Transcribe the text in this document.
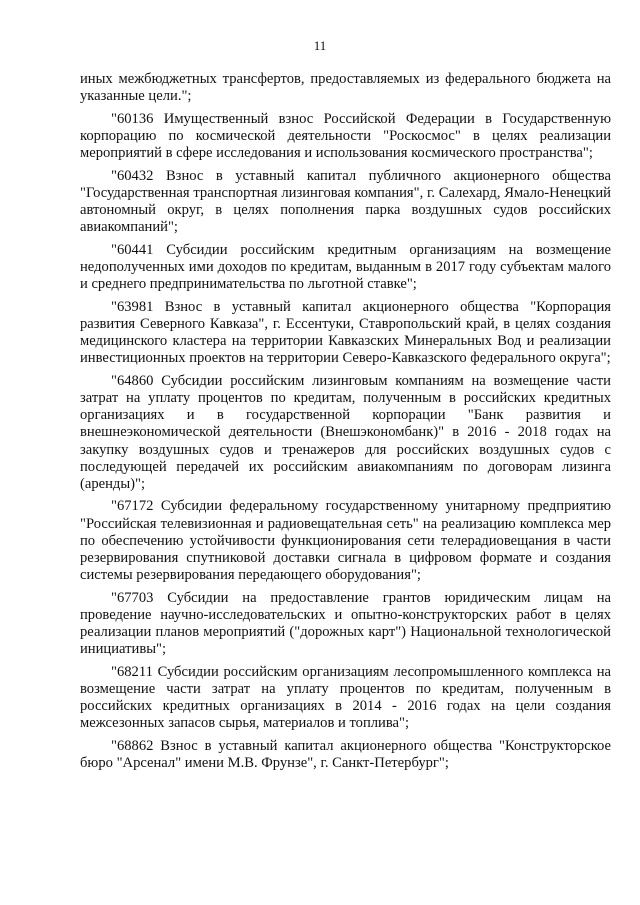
11

иных межбюджетных трансфертов, предоставляемых из федерального бюджета на указанные цели.";

"60136 Имущественный взнос Российской Федерации в Государственную корпорацию по космической деятельности "Роскосмос" в целях реализации мероприятий в сфере исследования и использования космического пространства";

"60432 Взнос в уставный капитал публичного акционерного общества "Государственная транспортная лизинговая компания", г. Салехард, Ямало-Ненецкий автономный округ, в целях пополнения парка воздушных судов российских авиакомпаний";

"60441 Субсидии российским кредитным организациям на возмещение недополученных ими доходов по кредитам, выданным в 2017 году субъектам малого и среднего предпринимательства по льготной ставке";

"63981 Взнос в уставный капитал акционерного общества "Корпорация развития Северного Кавказа", г. Ессентуки, Ставропольский край, в целях создания медицинского кластера на территории Кавказских Минеральных Вод и реализации инвестиционных проектов на территории Северо-Кавказского федерального округа";

"64860 Субсидии российским лизинговым компаниям на возмещение части затрат на уплату процентов по кредитам, полученным в российских кредитных организациях и в государственной корпорации "Банк развития и внешнеэкономической деятельности (Внешэкономбанк)" в 2016 - 2018 годах на закупку воздушных судов и тренажеров для российских воздушных судов с последующей передачей их российским авиакомпаниям по договорам лизинга (аренды)";

"67172 Субсидии федеральному государственному унитарному предприятию "Российская телевизионная и радиовещательная сеть" на реализацию комплекса мер по обеспечению устойчивости функционирования сети телерадиовещания в части резервирования спутниковой доставки сигнала в цифровом формате и создания системы резервирования передающего оборудования";

"67703 Субсидии на предоставление грантов юридическим лицам на проведение научно-исследовательских и опытно-конструкторских работ в целях реализации планов мероприятий ("дорожных карт") Национальной технологической инициативы";

"68211 Субсидии российским организациям лесопромышленного комплекса на возмещение части затрат на уплату процентов по кредитам, полученным в российских кредитных организациях в 2014 - 2016 годах на цели создания межсезонных запасов сырья, материалов и топлива";

"68862 Взнос в уставный капитал акционерного общества "Конструкторское бюро "Арсенал" имени М.В. Фрунзе", г. Санкт-Петербург";
